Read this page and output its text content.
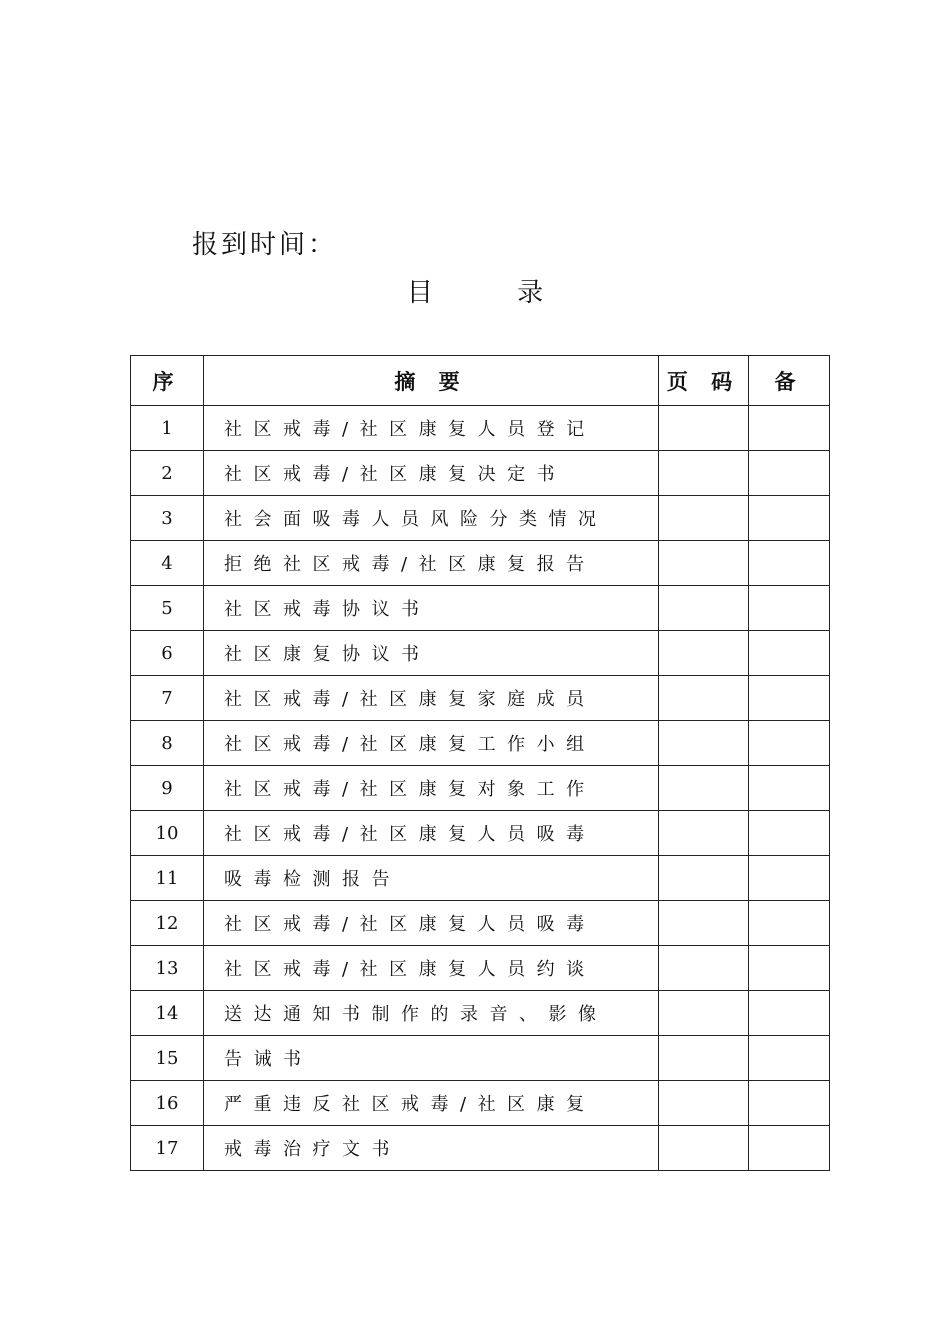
报到时间：
目 录
序	摘 要	页 码	备
1	社区戒毒/社区康复人员登记		
2	社区戒毒/社区康复决定书		
3	社会面吸毒人员风险分类情况		
4	拒绝社区戒毒/社区康复报告		
5	社区戒毒协议书		
6	社区康复协议书		
7	社区戒毒/社区康复家庭成员		
8	社区戒毒/社区康复工作小组		
9	社区戒毒/社区康复对象工作		
10	社区戒毒/社区康复人员吸毒		
11	吸毒检测报告		
12	社区戒毒/社区康复人员吸毒		
13	社区戒毒/社区康复人员约谈		
14	送达通知书制作的录音、影像		
15	告诫书		
16	严重违反社区戒毒/社区康复		
17	戒毒治疗文书		
